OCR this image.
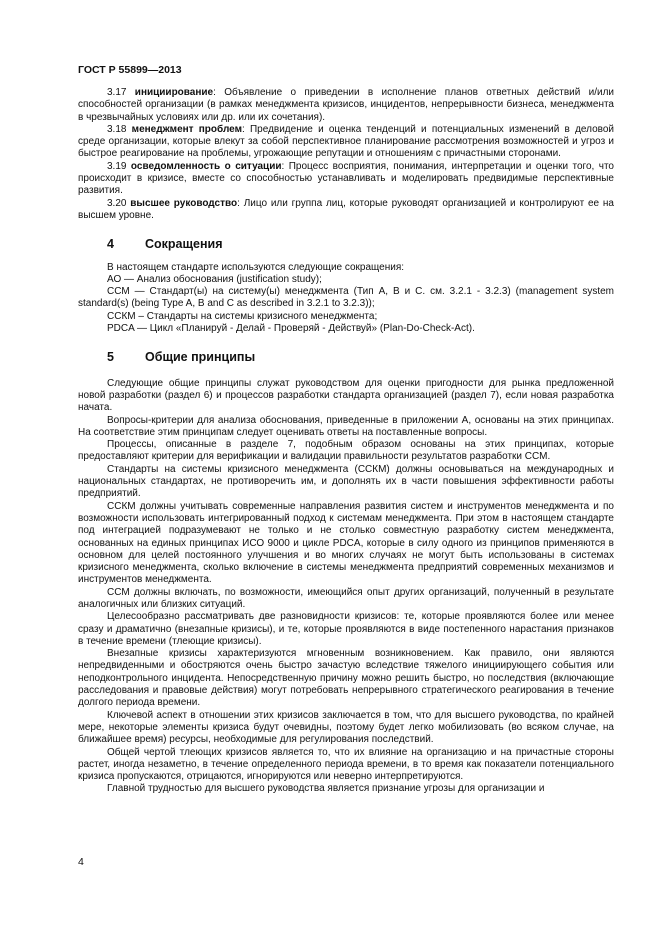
ГОСТ Р 55899—2013

3.17 инициирование: Объявление о приведении в исполнение планов ответных действий и/или способностей организации (в рамках менеджмента кризисов, инцидентов, непрерывности бизнеса, менеджмента в чрезвычайных условиях или др. или их сочетания).

3.18 менеджмент проблем: Предвидение и оценка тенденций и потенциальных изменений в деловой среде организации, которые влекут за собой перспективное планирование рассмотрения возможностей и угроз и быстрое реагирование на проблемы, угрожающие репутации и отношениям с причастными сторонами.

3.19 осведомленность о ситуации: Процесс восприятия, понимания, интерпретации и оценки того, что происходит в кризисе, вместе со способностью устанавливать и моделировать предвидимые перспективные развития.

3.20 высшее руководство: Лицо или группа лиц, которые руководят организацией и контролируют ее на высшем уровне.

4 Сокращения

В настоящем стандарте используются следующие сокращения:

АО — Анализ обоснования (justification study);

ССМ — Стандарт(ы) на систему(ы) менеджмента (Тип А, В и С. см. 3.2.1 - 3.2.3) (management system standard(s) (being Type A, B and C as described in 3.2.1 to 3.2.3));

ССКМ – Стандарты на системы кризисного менеджмента;

PDCA — Цикл «Планируй - Делай - Проверяй - Действуй» (Plan-Do-Check-Act).

5 Общие принципы

Следующие общие принципы служат руководством для оценки пригодности для рынка предложенной новой разработки (раздел 6) и процессов разработки стандарта организацией (раздел 7), если новая разработка начата.

Вопросы-критерии для анализа обоснования, приведенные в приложении А, основаны на этих принципах. На соответствие этим принципам следует оценивать ответы на поставленные вопросы.

Процессы, описанные в разделе 7, подобным образом основаны на этих принципах, которые предоставляют критерии для верификации и валидации правильности результатов разработки ССМ.

Стандарты на системы кризисного менеджмента (ССКМ) должны основываться на международных и национальных стандартах, не противоречить им, и дополнять их в части повышения эффективности работы предприятий.

ССКМ должны учитывать современные направления развития систем и инструментов менеджмента и по возможности использовать интегрированный подход к системам менеджмента. При этом в настоящем стандарте под интеграцией подразумевают не только и не столько совместную разработку систем менеджмента, основанных на единых принципах ИСО 9000 и цикле PDCA, которые в силу одного из принципов применяются в основном для целей постоянного улучшения и во многих случаях не могут быть использованы в системах кризисного менеджмента, сколько включение в системы менеджмента предприятий современных механизмов и инструментов менеджмента.

ССМ должны включать, по возможности, имеющийся опыт других организаций, полученный в результате аналогичных или близких ситуаций.

Целесообразно рассматривать две разновидности кризисов: те, которые проявляются более или менее сразу и драматично (внезапные кризисы), и те, которые проявляются в виде постепенного нарастания признаков в течение времени (тлеющие кризисы).

Внезапные кризисы характеризуются мгновенным возникновением. Как правило, они являются непредвиденными и обостряются очень быстро зачастую вследствие тяжелого инициирующего события или неподконтрольного инцидента. Непосредственную причину можно решить быстро, но последствия (включающие расследования и правовые действия) могут потребовать непрерывного стратегического реагирования в течение долгого периода времени.

Ключевой аспект в отношении этих кризисов заключается в том, что для высшего руководства, по крайней мере, некоторые элементы кризиса будут очевидны, поэтому будет легко мобилизовать (во всяком случае, на ближайшее время) ресурсы, необходимые для регулирования последствий.

Общей чертой тлеющих кризисов является то, что их влияние на организацию и на причастные стороны растет, иногда незаметно, в течение определенного периода времени, в то время как показатели потенциального кризиса пропускаются, отрицаются, игнорируются или неверно интерпретируются.

Главной трудностью для высшего руководства является признание угрозы для организации и

4
